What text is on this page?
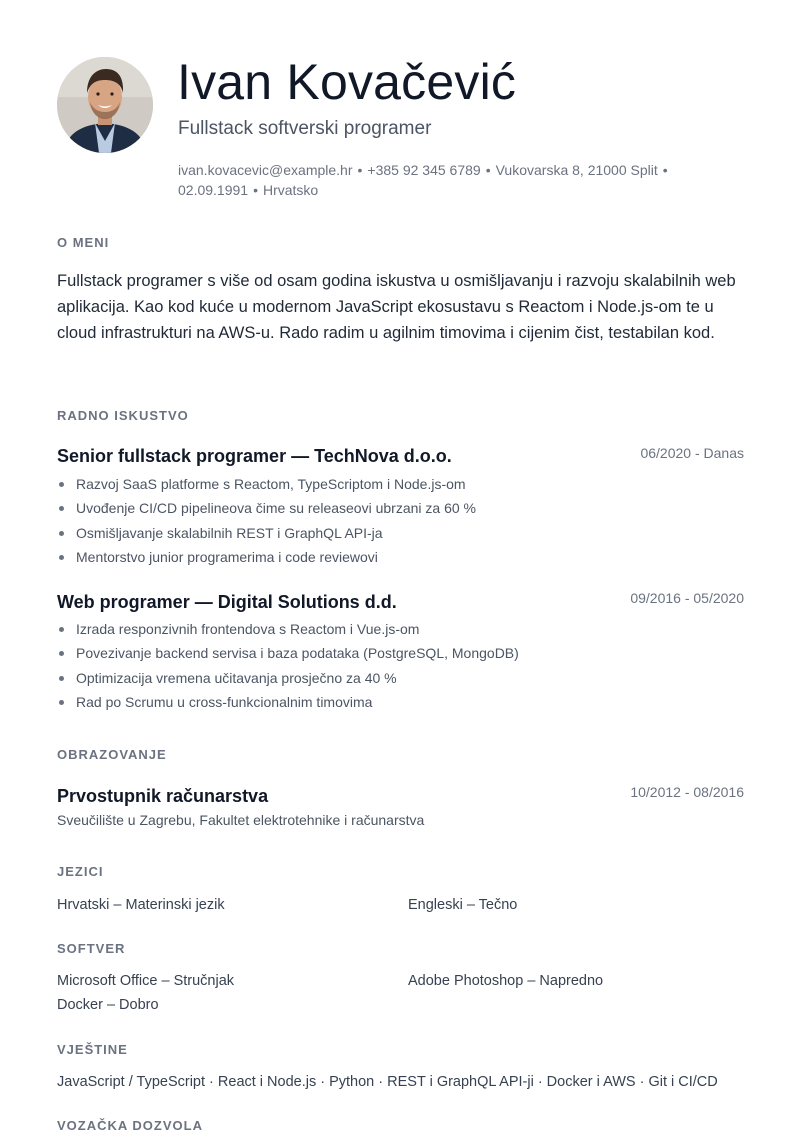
Ivan Kovačević
Fullstack softverski programer
ivan.kovacevic@example.hr • +385 92 345 6789 • Vukovarska 8, 21000 Split •
02.09.1991 • Hrvatsko
O MENI
Fullstack programer s više od osam godina iskustva u osmišljavanju i razvoju skalabilnih web aplikacija. Kao kod kuće u modernom JavaScript ekosustavu s Reactom i Node.js-om te u cloud infrastrukturi na AWS-u. Rado radim u agilnim timovima i cijenim čist, testabilan kod.
RADNO ISKUSTVO
Senior fullstack programer — TechNova d.o.o.	06/2020 - Danas
Razvoj SaaS platforme s Reactom, TypeScriptom i Node.js-om
Uvođenje CI/CD pipelineova čime su releaseovi ubrzani za 60 %
Osmišljavanje skalabilnih REST i GraphQL API-ja
Mentorstvo junior programerima i code reviewovi
Web programer — Digital Solutions d.d.	09/2016 - 05/2020
Izrada responzivnih frontendova s Reactom i Vue.js-om
Povezivanje backend servisa i baza podataka (PostgreSQL, MongoDB)
Optimizacija vremena učitavanja prosječno za 40 %
Rad po Scrumu u cross-funkcionalnim timovima
OBRAZOVANJE
Prvostupnik računarstva	10/2012 - 08/2016
Sveučilište u Zagrebu, Fakultet elektrotehnike i računarstva
JEZICI
Hrvatski – Materinski jezik	Engleski – Tečno
SOFTVER
Microsoft Office – Stručnjak	Adobe Photoshop – Napredno
Docker – Dobro
VJEŠTINE
JavaScript / TypeScript · React i Node.js · Python · REST i GraphQL API-ji · Docker i AWS · Git i CI/CD
VOZAČKA DOZVOLA
